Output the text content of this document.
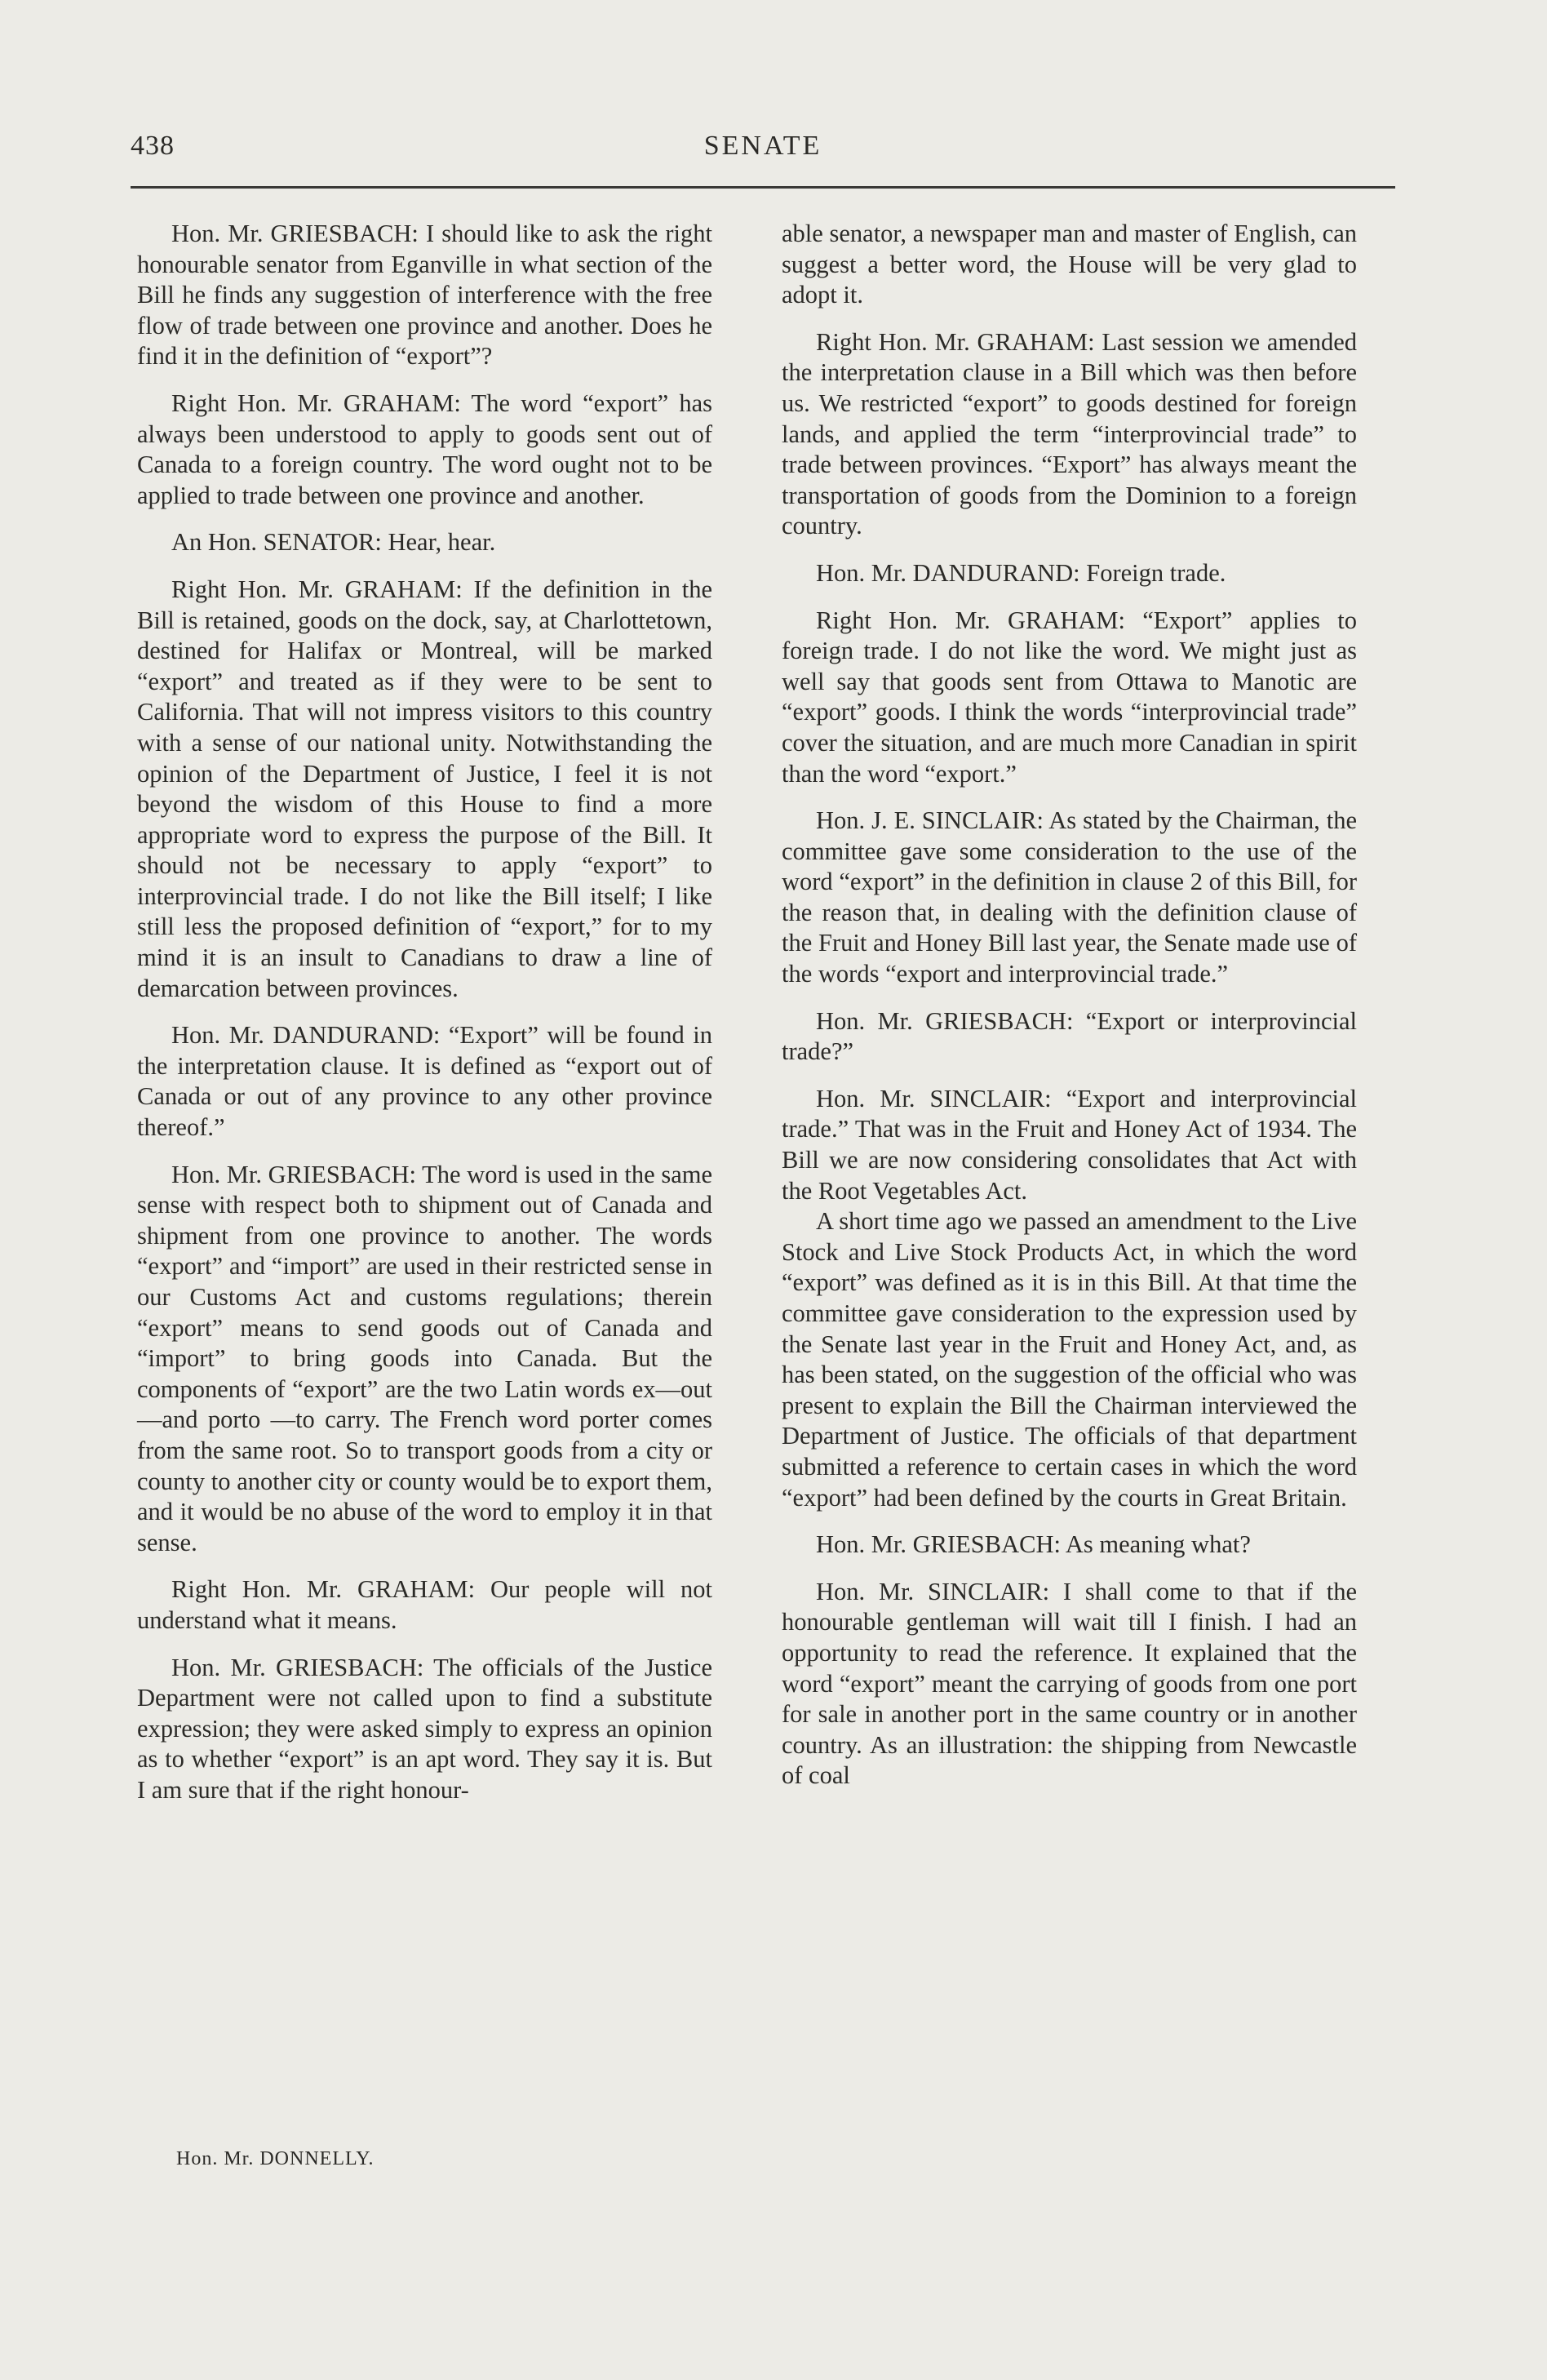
438	SENATE

Hon. Mr. GRIESBACH: I should like to ask the right honourable senator from Eganville in what section of the Bill he finds any suggestion of interference with the free flow of trade between one province and another. Does he find it in the definition of “export”?

Right Hon. Mr. GRAHAM: The word “export” has always been understood to apply to goods sent out of Canada to a foreign country. The word ought not to be applied to trade between one province and another.

An Hon. SENATOR: Hear, hear.

Right Hon. Mr. GRAHAM: If the definition in the Bill is retained, goods on the dock, say, at Charlottetown, destined for Halifax or Montreal, will be marked “export” and treated as if they were to be sent to California. That will not impress visitors to this country with a sense of our national unity. Notwithstanding the opinion of the Department of Justice, I feel it is not beyond the wisdom of this House to find a more appropriate word to express the purpose of the Bill. It should not be necessary to apply “export” to interprovincial trade. I do not like the Bill itself; I like still less the proposed definition of “export,” for to my mind it is an insult to Canadians to draw a line of demarcation between provinces.

Hon. Mr. DANDURAND: “Export” will be found in the interpretation clause. It is defined as “export out of Canada or out of any province to any other province thereof.”

Hon. Mr. GRIESBACH: The word is used in the same sense with respect both to shipment out of Canada and shipment from one province to another. The words “export” and “import” are used in their restricted sense in our Customs Act and customs regulations; therein “export” means to send goods out of Canada and “import” to bring goods into Canada. But the components of “export” are the two Latin words ex—out—and porto —to carry. The French word porter comes from the same root. So to transport goods from a city or county to another city or county would be to export them, and it would be no abuse of the word to employ it in that sense.

Right Hon. Mr. GRAHAM: Our people will not understand what it means.

Hon. Mr. GRIESBACH: The officials of the Justice Department were not called upon to find a substitute expression; they were asked simply to express an opinion as to whether “export” is an apt word. They say it is. But I am sure that if the right honour-

able senator, a newspaper man and master of English, can suggest a better word, the House will be very glad to adopt it.

Right Hon. Mr. GRAHAM: Last session we amended the interpretation clause in a Bill which was then before us. We restricted “export” to goods destined for foreign lands, and applied the term “interprovincial trade” to trade between provinces. “Export” has always meant the transportation of goods from the Dominion to a foreign country.

Hon. Mr. DANDURAND: Foreign trade.

Right Hon. Mr. GRAHAM: “Export” applies to foreign trade. I do not like the word. We might just as well say that goods sent from Ottawa to Manotic are “export” goods. I think the words “interprovincial trade” cover the situation, and are much more Canadian in spirit than the word “export.”

Hon. J. E. SINCLAIR: As stated by the Chairman, the committee gave some consideration to the use of the word “export” in the definition in clause 2 of this Bill, for the reason that, in dealing with the definition clause of the Fruit and Honey Bill last year, the Senate made use of the words “export and interprovincial trade.”

Hon. Mr. GRIESBACH: “Export or interprovincial trade?”

Hon. Mr. SINCLAIR: “Export and interprovincial trade.” That was in the Fruit and Honey Act of 1934. The Bill we are now considering consolidates that Act with the Root Vegetables Act.

A short time ago we passed an amendment to the Live Stock and Live Stock Products Act, in which the word “export” was defined as it is in this Bill. At that time the committee gave consideration to the expression used by the Senate last year in the Fruit and Honey Act, and, as has been stated, on the suggestion of the official who was present to explain the Bill the Chairman interviewed the Department of Justice. The officials of that department submitted a reference to certain cases in which the word “export” had been defined by the courts in Great Britain.

Hon. Mr. GRIESBACH: As meaning what?

Hon. Mr. SINCLAIR: I shall come to that if the honourable gentleman will wait till I finish. I had an opportunity to read the reference. It explained that the word “export” meant the carrying of goods from one port for sale in another port in the same country or in another country. As an illustration: the shipping from Newcastle of coal

Hon. Mr. DONNELLY.
